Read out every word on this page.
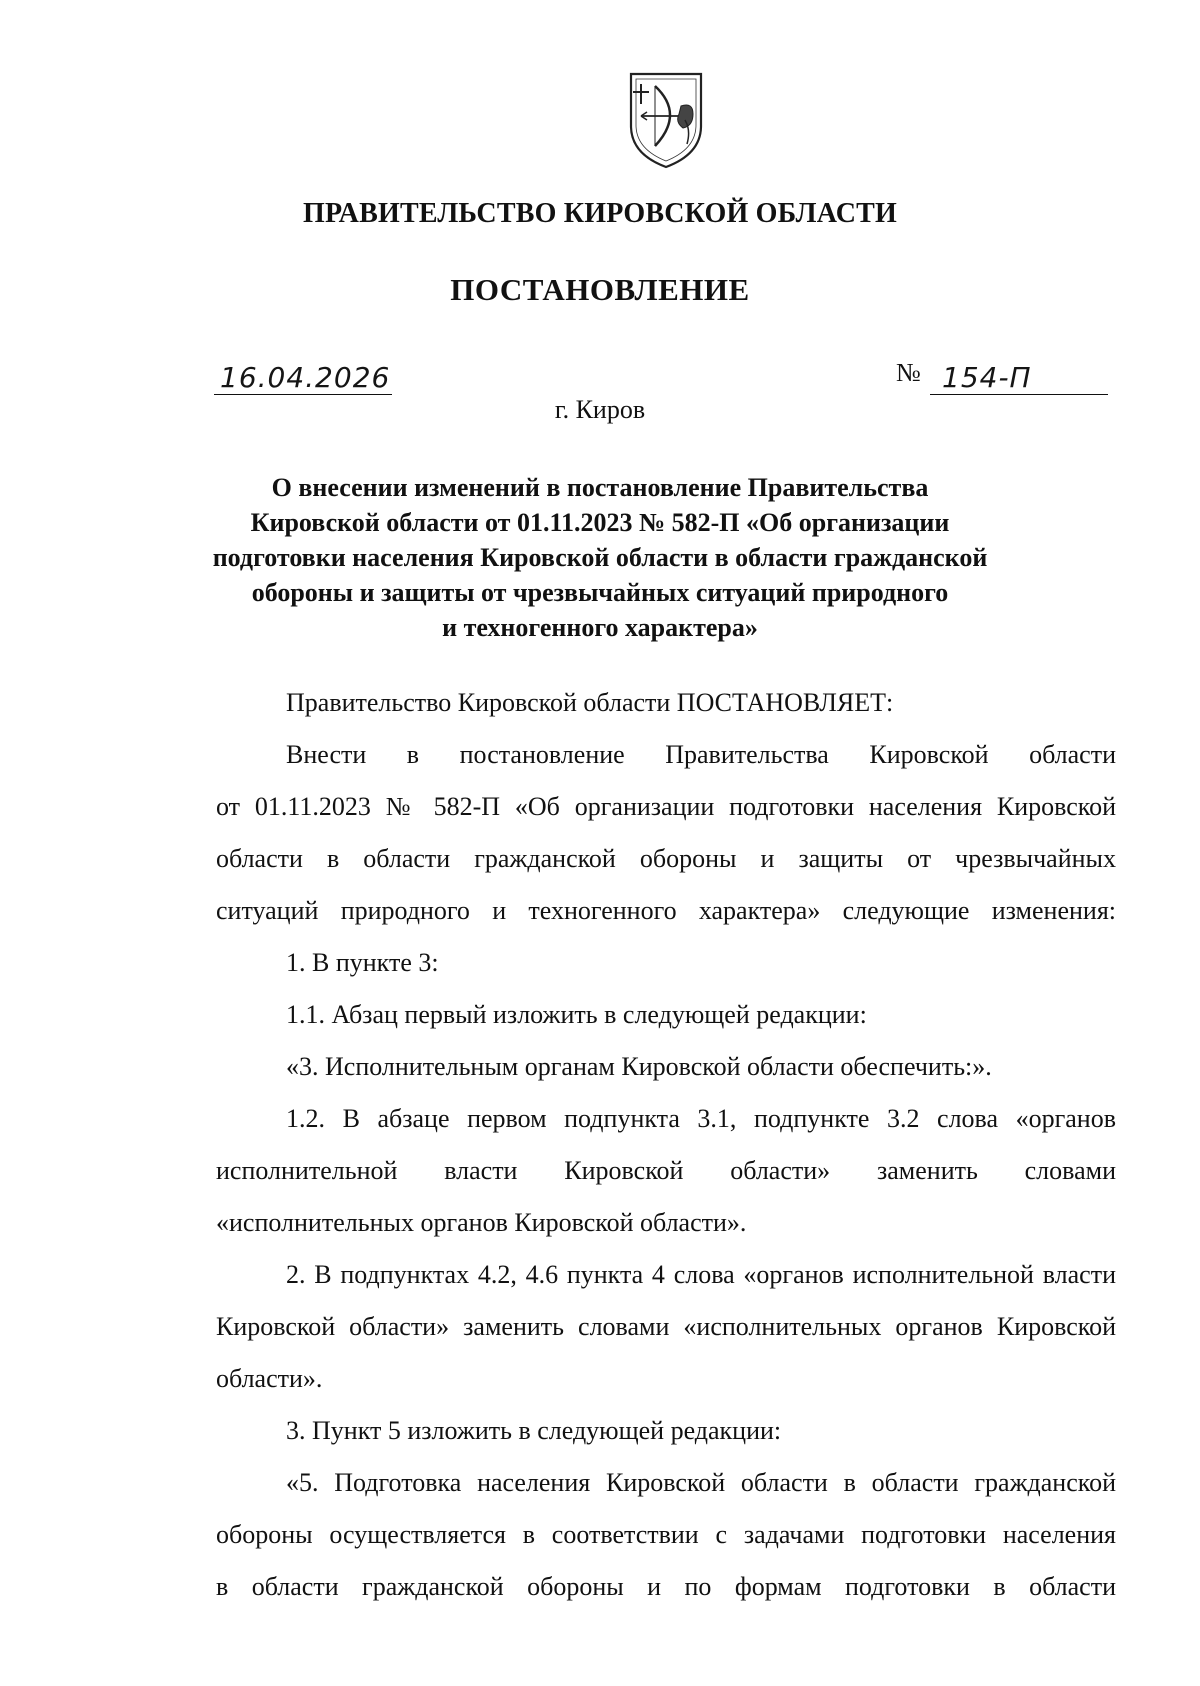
ПРАВИТЕЛЬСТВО КИРОВСКОЙ ОБЛАСТИ
ПОСТАНОВЛЕНИЕ
16.04.2026	№ 154-П
г. Киров
О внесении изменений в постановление Правительства
Кировской области от 01.11.2023 № 582-П «Об организации
подготовки населения Кировской области в области гражданской
обороны и защиты от чрезвычайных ситуаций природного
и техногенного характера»
Правительство Кировской области ПОСТАНОВЛЯЕТ:
Внести в постановление Правительства Кировской области
от 01.11.2023 № 582-П «Об организации подготовки населения Кировской
области в области гражданской обороны и защиты от чрезвычайных
ситуаций природного и техногенного характера» следующие изменения:
1. В пункте 3:
1.1. Абзац первый изложить в следующей редакции:
«3. Исполнительным органам Кировской области обеспечить:».
1.2. В абзаце первом подпункта 3.1, подпункте 3.2 слова «органов
исполнительной власти Кировской области» заменить словами
«исполнительных органов Кировской области».
2. В подпунктах 4.2, 4.6 пункта 4 слова «органов исполнительной власти
Кировской области» заменить словами «исполнительных органов Кировской
области».
3. Пункт 5 изложить в следующей редакции:
«5. Подготовка населения Кировской области в области гражданской
обороны осуществляется в соответствии с задачами подготовки населения
в области гражданской обороны и по формам подготовки в области
